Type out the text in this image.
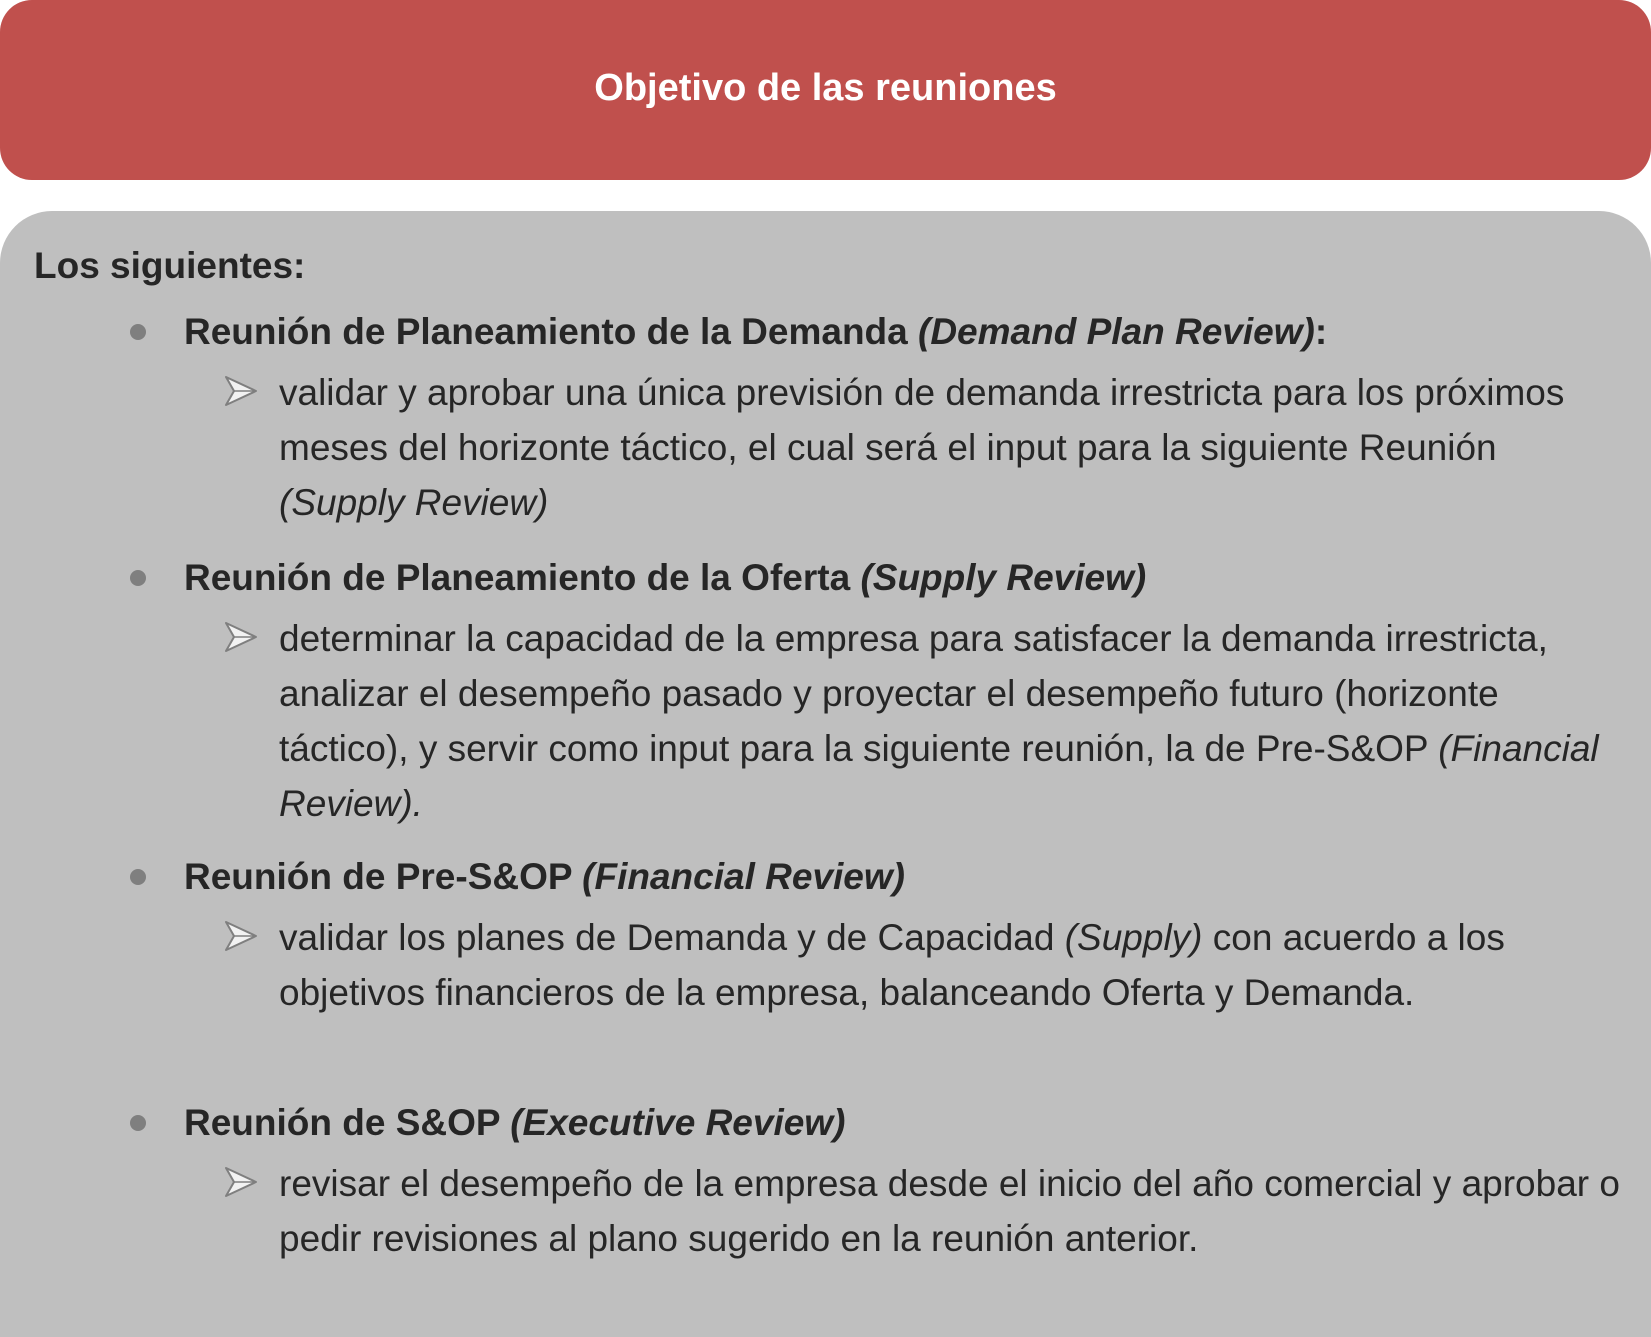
Objetivo de las reuniones
Los siguientes:
Reunión de Planeamiento de la Demanda (Demand Plan Review):
validar y aprobar una única previsión de demanda irrestricta para los próximos meses del horizonte táctico, el cual será el input para la siguiente Reunión (Supply Review)
Reunión de Planeamiento de la Oferta (Supply Review)
determinar la capacidad de la empresa para satisfacer la demanda irrestricta, analizar el desempeño pasado y proyectar el desempeño futuro (horizonte táctico), y servir como input para la siguiente reunión, la de Pre-S&OP (Financial Review).
Reunión de Pre-S&OP (Financial Review)
validar los planes de Demanda y de Capacidad (Supply) con acuerdo a los objetivos financieros de la empresa, balanceando Oferta y Demanda.
Reunión de S&OP (Executive Review)
revisar el desempeño de la empresa desde el inicio del año comercial y aprobar o pedir revisiones al plano sugerido en la reunión anterior.
